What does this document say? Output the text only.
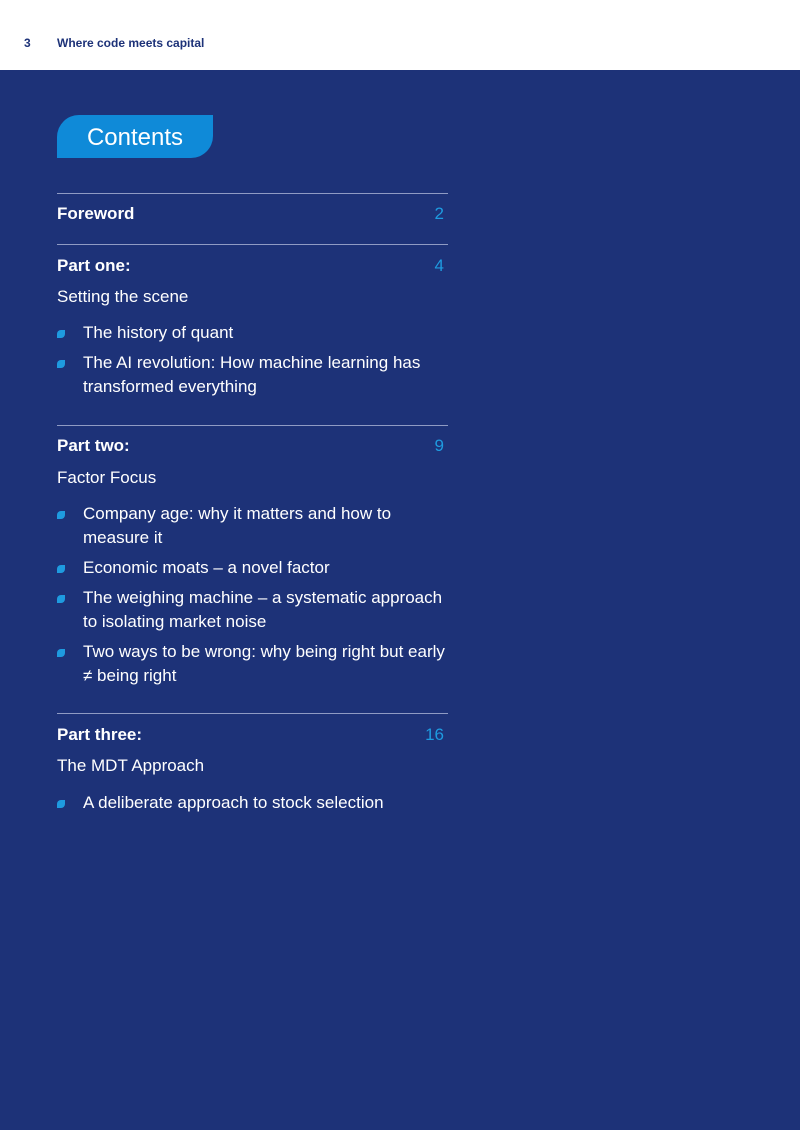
3 Where code meets capital
Contents
Foreword	2
Part one:	4
Setting the scene
The history of quant
The AI revolution: How machine learning has transformed everything
Part two:	9
Factor Focus
Company age: why it matters and how to measure it
Economic moats – a novel factor
The weighing machine – a systematic approach to isolating market noise
Two ways to be wrong: why being right but early ≠ being right
Part three:	16
The MDT Approach
A deliberate approach to stock selection
